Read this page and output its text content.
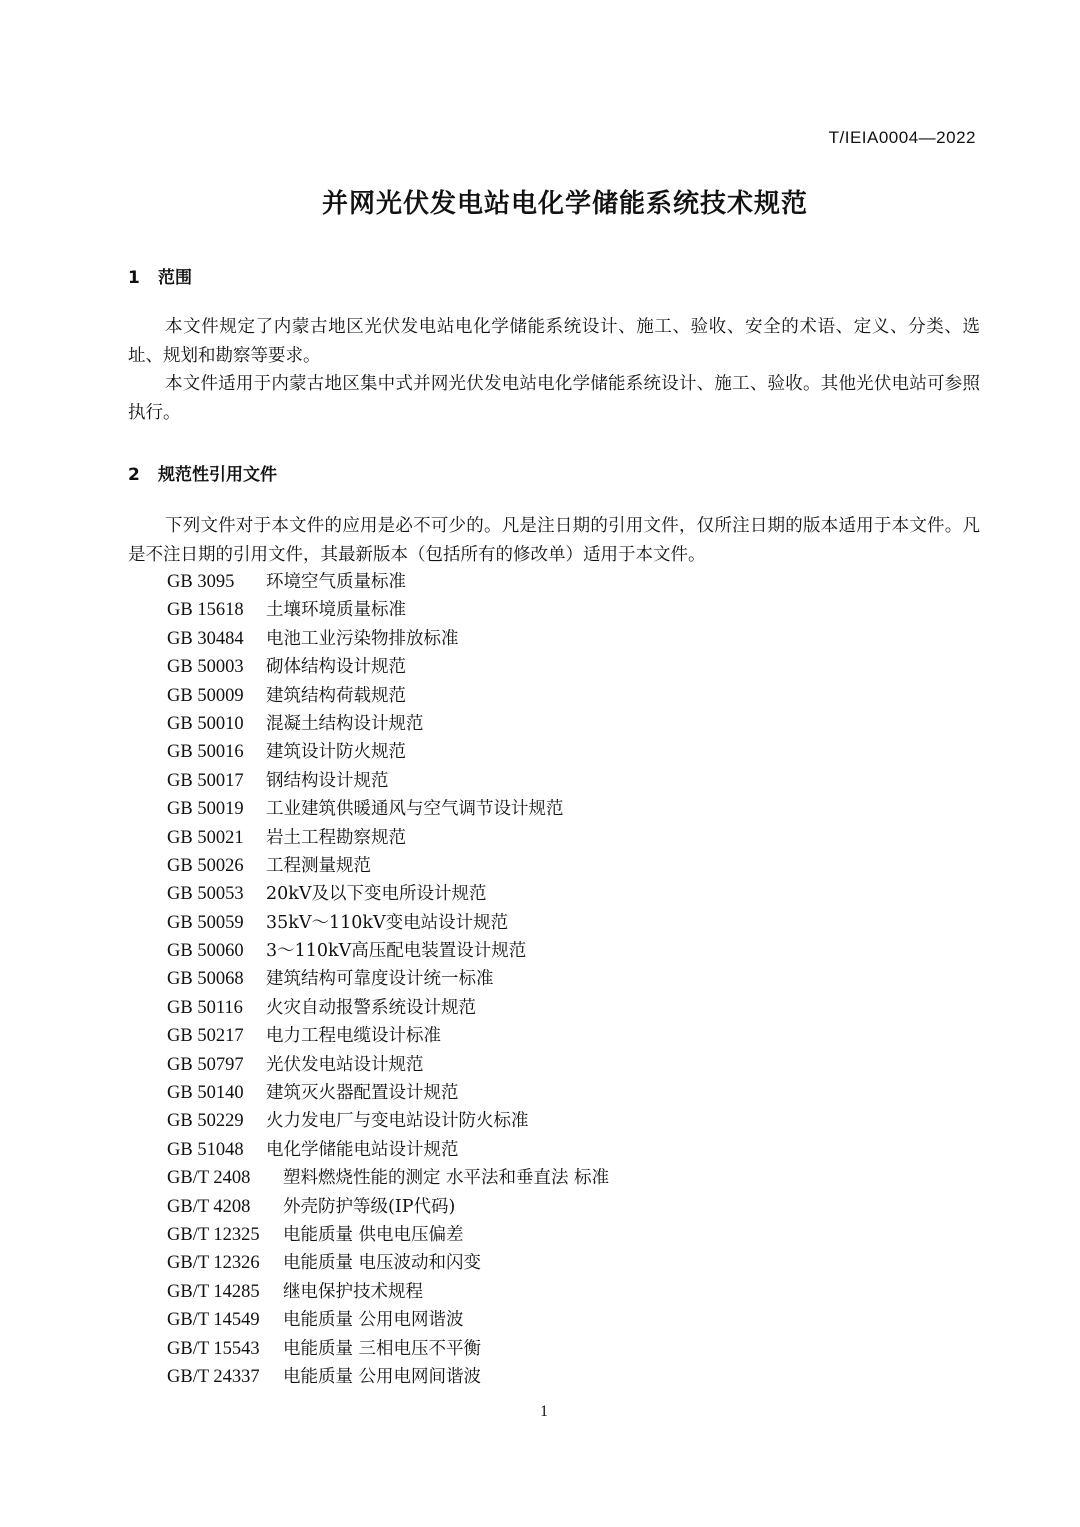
T/IEIA0004—2022
并网光伏发电站电化学储能系统技术规范
1 范围

本文件规定了内蒙古地区光伏发电站电化学储能系统设计、施工、验收、安全的术语、定义、分类、选址、规划和勘察等要求。

本文件适用于内蒙古地区集中式并网光伏发电站电化学储能系统设计、施工、验收。其他光伏电站可参照执行。

2 规范性引用文件

下列文件对于本文件的应用是必不可少的。凡是注日期的引用文件，仅所注日期的版本适用于本文件。凡是不注日期的引用文件，其最新版本（包括所有的修改单）适用于本文件。

GB 3095 环境空气质量标准
GB 15618 土壤环境质量标准
GB 30484 电池工业污染物排放标准
GB 50003 砌体结构设计规范
GB 50009 建筑结构荷载规范
GB 50010 混凝土结构设计规范
GB 50016 建筑设计防火规范
GB 50017 钢结构设计规范
GB 50019 工业建筑供暖通风与空气调节设计规范
GB 50021 岩土工程勘察规范
GB 50026 工程测量规范
GB 50053 20kV及以下变电所设计规范
GB 50059 35kV～110kV变电站设计规范
GB 50060 3～110kV高压配电装置设计规范
GB 50068 建筑结构可靠度设计统一标准
GB 50116 火灾自动报警系统设计规范
GB 50217 电力工程电缆设计标准
GB 50797 光伏发电站设计规范
GB 50140 建筑灭火器配置设计规范
GB 50229 火力发电厂与变电站设计防火标准
GB 51048 电化学储能电站设计规范
GB/T 2408 塑料燃烧性能的测定 水平法和垂直法 标准
GB/T 4208 外壳防护等级(IP代码)
GB/T 12325 电能质量 供电电压偏差
GB/T 12326 电能质量 电压波动和闪变
GB/T 14285 继电保护技术规程
GB/T 14549 电能质量 公用电网谐波
GB/T 15543 电能质量 三相电压不平衡
GB/T 24337 电能质量 公用电网间谐波
1
